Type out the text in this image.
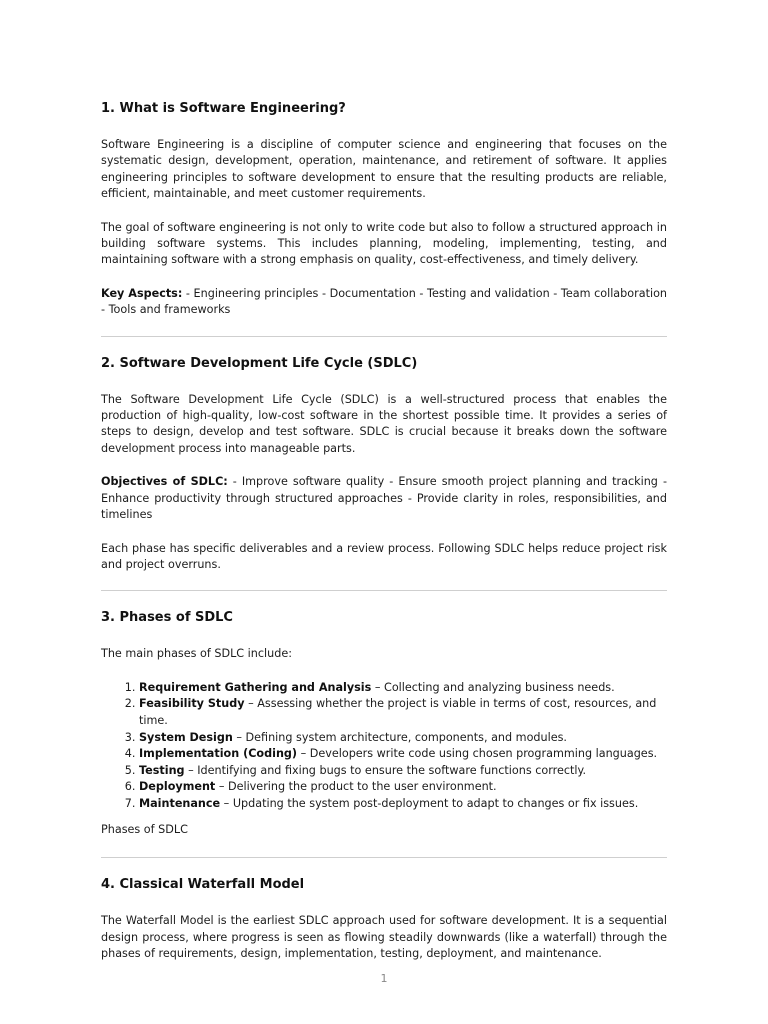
1. What is Software Engineering?

Software Engineering is a discipline of computer science and engineering that focuses on the systematic design, development, operation, maintenance, and retirement of software. It applies engineering principles to software development to ensure that the resulting products are reliable, efficient, maintainable, and meet customer requirements.

The goal of software engineering is not only to write code but also to follow a structured approach in building software systems. This includes planning, modeling, implementing, testing, and maintaining software with a strong emphasis on quality, cost-effectiveness, and timely delivery.

Key Aspects: - Engineering principles - Documentation - Testing and validation - Team collaboration - Tools and frameworks

2. Software Development Life Cycle (SDLC)

The Software Development Life Cycle (SDLC) is a well-structured process that enables the production of high-quality, low-cost software in the shortest possible time. It provides a series of steps to design, develop and test software. SDLC is crucial because it breaks down the software development process into manageable parts.

Objectives of SDLC: - Improve software quality - Ensure smooth project planning and tracking - Enhance productivity through structured approaches - Provide clarity in roles, responsibilities, and timelines

Each phase has specific deliverables and a review process. Following SDLC helps reduce project risk and project overruns.

3. Phases of SDLC

The main phases of SDLC include:

1. Requirement Gathering and Analysis – Collecting and analyzing business needs.
2. Feasibility Study – Assessing whether the project is viable in terms of cost, resources, and time.
3. System Design – Defining system architecture, components, and modules.
4. Implementation (Coding) – Developers write code using chosen programming languages.
5. Testing – Identifying and fixing bugs to ensure the software functions correctly.
6. Deployment – Delivering the product to the user environment.
7. Maintenance – Updating the system post-deployment to adapt to changes or fix issues.
Phases of SDLC
4. Classical Waterfall Model

The Waterfall Model is the earliest SDLC approach used for software development. It is a sequential design process, where progress is seen as flowing steadily downwards (like a waterfall) through the phases of requirements, design, implementation, testing, deployment, and maintenance.

1
